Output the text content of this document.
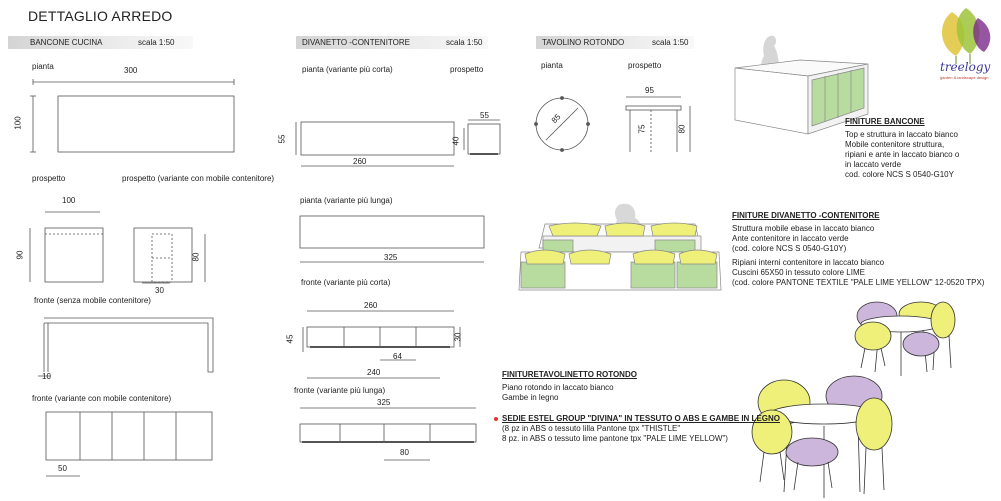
DETTAGLIO ARREDO
treelogy
garden & landscape design
BANCONE CUCINA	scala 1:50	DIVANETTO -CONTENITORE	scala 1:50	TAVOLINO ROTONDO	scala 1:50
pianta	300
100
prospetto	prospetto (variante con mobile contenitore)
100
90	80
30
fronte (senza mobile contenitore)
10
fronte (variante con mobile contenitore)
50
pianta (variante più corta)	prospetto
55
55
40
260
pianta (variante più lunga)
325
fronte (variante più corta)
260
45	30
64
240
fronte (variante più lunga)
325
80
pianta	prospetto
85
95
75	80
FINITURE BANCONE
Top e struttura in laccato bianco
Mobile contenitore struttura,
ripiani e ante in laccato bianco o
in laccato verde
cod. colore NCS S 0540-G10Y
FINITURE DIVANETTO -CONTENITORE
Struttura mobile ebase in laccato bianco
Ante contenitore in laccato verde
(cod. colore NCS S 0540-G10Y)
Ripiani interni contenitore in laccato bianco
Cuscini 65X50 in tessuto colore LIME
(cod. colore PANTONE TEXTILE "PALE LIME YELLOW" 12-0520 TPX)
FINITURETAVOLINETTO ROTONDO
Piano rotondo in laccato bianco
Gambe in legno
SEDIE ESTEL GROUP "DIVINA" IN TESSUTO O ABS E GAMBE IN LEGNO
(8 pz in ABS o tessuto lilla Pantone tpx "THISTLE"
8 pz. in ABS o tessuto lime pantone tpx "PALE LIME YELLOW")
